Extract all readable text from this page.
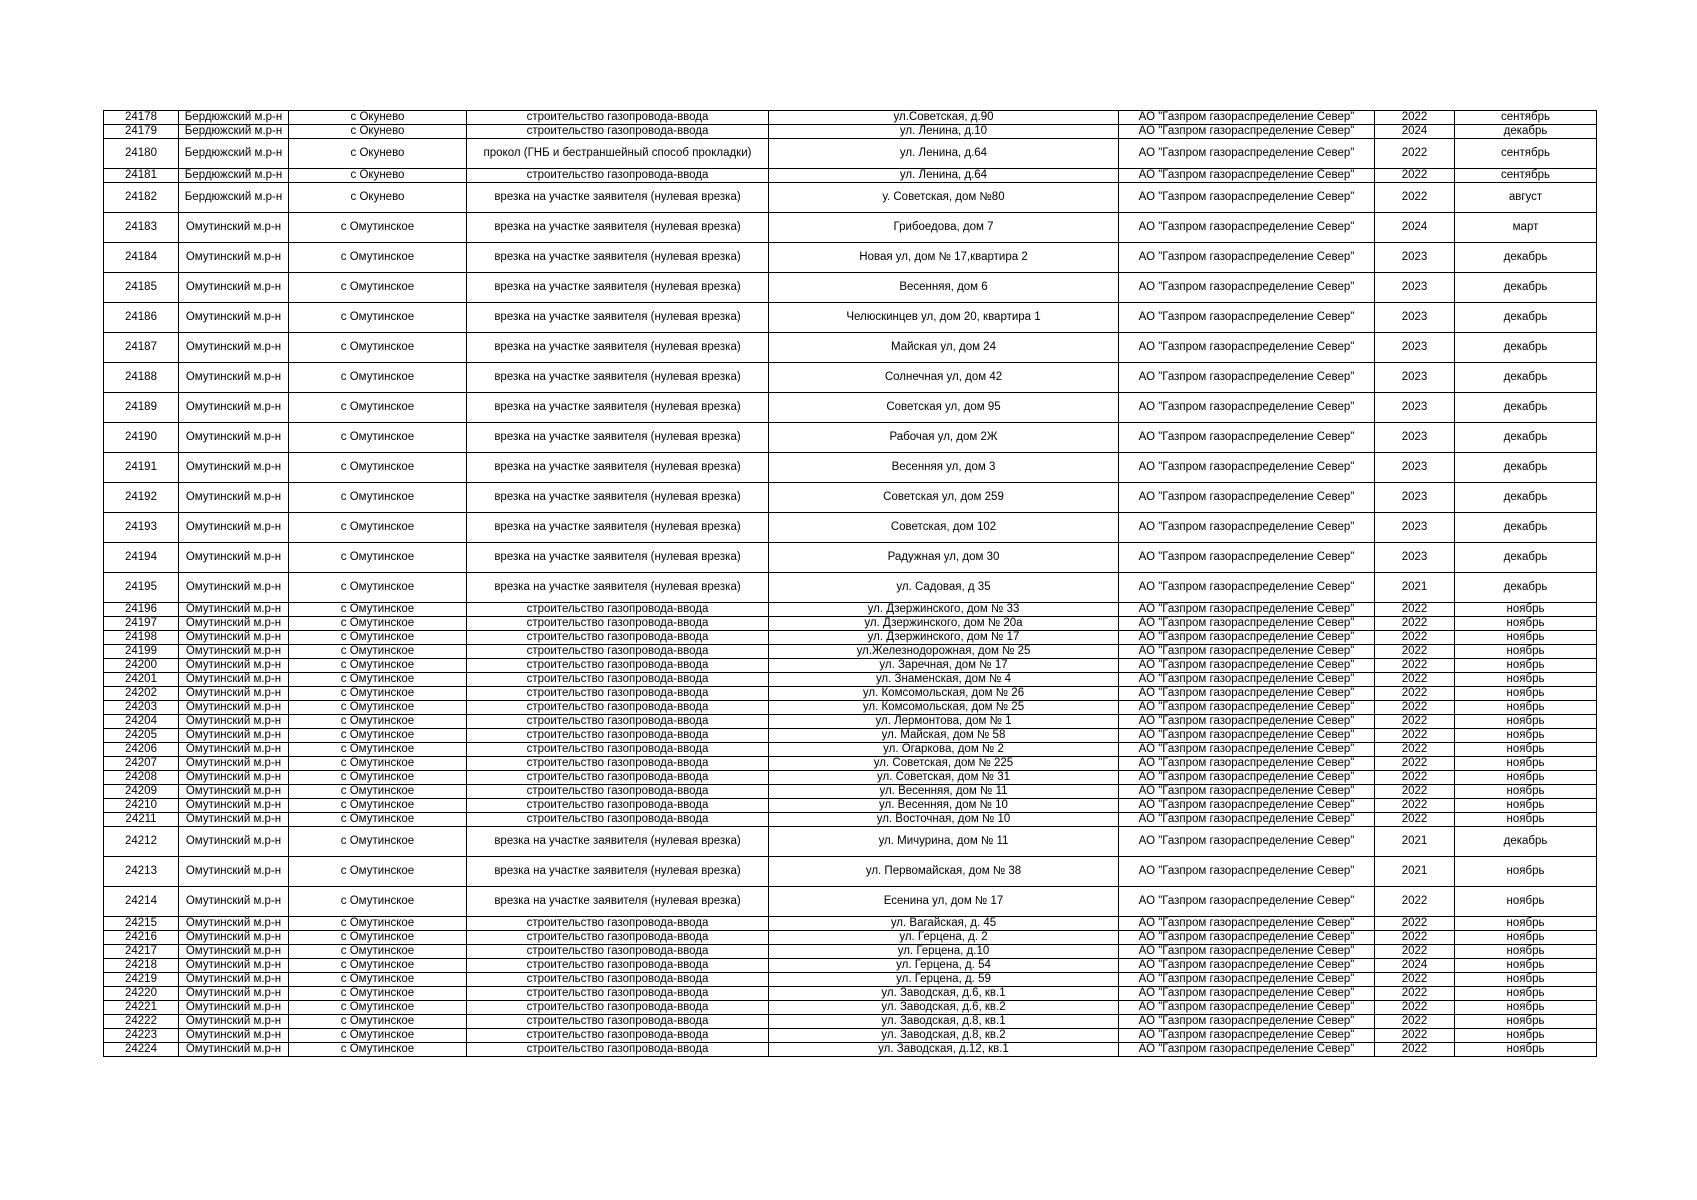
24178	Бердюжский м.р-н	с Окунево	строительство газопровода-ввода	ул.Советская, д.90	АО "Газпром газораспределение Север"	2022	сентябрь
24179	Бердюжский м.р-н	с Окунево	строительство газопровода-ввода	ул. Ленина, д.10	АО "Газпром газораспределение Север"	2024	декабрь
24180	Бердюжский м.р-н	с Окунево	прокол (ГНБ и бестраншейный способ прокладки)	ул. Ленина, д.64	АО "Газпром газораспределение Север"	2022	сентябрь
24181	Бердюжский м.р-н	с Окунево	строительство газопровода-ввода	ул. Ленина, д.64	АО "Газпром газораспределение Север"	2022	сентябрь
24182	Бердюжский м.р-н	с Окунево	врезка на участке заявителя (нулевая врезка)	у. Советская, дом №80	АО "Газпром газораспределение Север"	2022	август
24183	Омутинский м.р-н	с Омутинское	врезка на участке заявителя (нулевая врезка)	Грибоедова, дом 7	АО "Газпром газораспределение Север"	2024	март
24184	Омутинский м.р-н	с Омутинское	врезка на участке заявителя (нулевая врезка)	Новая ул, дом № 17,квартира 2	АО "Газпром газораспределение Север"	2023	декабрь
24185	Омутинский м.р-н	с Омутинское	врезка на участке заявителя (нулевая врезка)	Весенняя, дом 6	АО "Газпром газораспределение Север"	2023	декабрь
24186	Омутинский м.р-н	с Омутинское	врезка на участке заявителя (нулевая врезка)	Челюскинцев ул, дом 20, квартира 1	АО "Газпром газораспределение Север"	2023	декабрь
24187	Омутинский м.р-н	с Омутинское	врезка на участке заявителя (нулевая врезка)	Майская ул, дом 24	АО "Газпром газораспределение Север"	2023	декабрь
24188	Омутинский м.р-н	с Омутинское	врезка на участке заявителя (нулевая врезка)	Солнечная ул, дом 42	АО "Газпром газораспределение Север"	2023	декабрь
24189	Омутинский м.р-н	с Омутинское	врезка на участке заявителя (нулевая врезка)	Советская ул, дом 95	АО "Газпром газораспределение Север"	2023	декабрь
24190	Омутинский м.р-н	с Омутинское	врезка на участке заявителя (нулевая врезка)	Рабочая ул, дом 2Ж	АО "Газпром газораспределение Север"	2023	декабрь
24191	Омутинский м.р-н	с Омутинское	врезка на участке заявителя (нулевая врезка)	Весенняя ул, дом 3	АО "Газпром газораспределение Север"	2023	декабрь
24192	Омутинский м.р-н	с Омутинское	врезка на участке заявителя (нулевая врезка)	Советская ул, дом 259	АО "Газпром газораспределение Север"	2023	декабрь
24193	Омутинский м.р-н	с Омутинское	врезка на участке заявителя (нулевая врезка)	Советская, дом 102	АО "Газпром газораспределение Север"	2023	декабрь
24194	Омутинский м.р-н	с Омутинское	врезка на участке заявителя (нулевая врезка)	Радужная ул, дом 30	АО "Газпром газораспределение Север"	2023	декабрь
24195	Омутинский м.р-н	с Омутинское	врезка на участке заявителя (нулевая врезка)	ул. Садовая, д 35	АО "Газпром газораспределение Север"	2021	декабрь
24196	Омутинский м.р-н	с Омутинское	строительство газопровода-ввода	ул. Дзержинского, дом № 33	АО "Газпром газораспределение Север"	2022	ноябрь
24197	Омутинский м.р-н	с Омутинское	строительство газопровода-ввода	ул. Дзержинского, дом № 20а	АО "Газпром газораспределение Север"	2022	ноябрь
24198	Омутинский м.р-н	с Омутинское	строительство газопровода-ввода	ул. Дзержинского, дом № 17	АО "Газпром газораспределение Север"	2022	ноябрь
24199	Омутинский м.р-н	с Омутинское	строительство газопровода-ввода	ул.Железнодорожная, дом № 25	АО "Газпром газораспределение Север"	2022	ноябрь
24200	Омутинский м.р-н	с Омутинское	строительство газопровода-ввода	ул. Заречная, дом № 17	АО "Газпром газораспределение Север"	2022	ноябрь
24201	Омутинский м.р-н	с Омутинское	строительство газопровода-ввода	ул. Знаменская, дом № 4	АО "Газпром газораспределение Север"	2022	ноябрь
24202	Омутинский м.р-н	с Омутинское	строительство газопровода-ввода	ул. Комсомольская, дом № 26	АО "Газпром газораспределение Север"	2022	ноябрь
24203	Омутинский м.р-н	с Омутинское	строительство газопровода-ввода	ул. Комсомольская, дом № 25	АО "Газпром газораспределение Север"	2022	ноябрь
24204	Омутинский м.р-н	с Омутинское	строительство газопровода-ввода	ул. Лермонтова, дом № 1	АО "Газпром газораспределение Север"	2022	ноябрь
24205	Омутинский м.р-н	с Омутинское	строительство газопровода-ввода	ул. Майская, дом № 58	АО "Газпром газораспределение Север"	2022	ноябрь
24206	Омутинский м.р-н	с Омутинское	строительство газопровода-ввода	ул. Огаркова, дом № 2	АО "Газпром газораспределение Север"	2022	ноябрь
24207	Омутинский м.р-н	с Омутинское	строительство газопровода-ввода	ул. Советская, дом № 225	АО "Газпром газораспределение Север"	2022	ноябрь
24208	Омутинский м.р-н	с Омутинское	строительство газопровода-ввода	ул. Советская, дом № 31	АО "Газпром газораспределение Север"	2022	ноябрь
24209	Омутинский м.р-н	с Омутинское	строительство газопровода-ввода	ул. Весенняя, дом № 11	АО "Газпром газораспределение Север"	2022	ноябрь
24210	Омутинский м.р-н	с Омутинское	строительство газопровода-ввода	ул. Весенняя, дом № 10	АО "Газпром газораспределение Север"	2022	ноябрь
24211	Омутинский м.р-н	с Омутинское	строительство газопровода-ввода	ул. Восточная, дом № 10	АО "Газпром газораспределение Север"	2022	ноябрь
24212	Омутинский м.р-н	с Омутинское	врезка на участке заявителя (нулевая врезка)	ул. Мичурина, дом № 11	АО "Газпром газораспределение Север"	2021	декабрь
24213	Омутинский м.р-н	с Омутинское	врезка на участке заявителя (нулевая врезка)	ул. Первомайская, дом № 38	АО "Газпром газораспределение Север"	2021	ноябрь
24214	Омутинский м.р-н	с Омутинское	врезка на участке заявителя (нулевая врезка)	Есенина ул, дом № 17	АО "Газпром газораспределение Север"	2022	ноябрь
24215	Омутинский м.р-н	с Омутинское	строительство газопровода-ввода	ул. Вагайская, д. 45	АО "Газпром газораспределение Север"	2022	ноябрь
24216	Омутинский м.р-н	с Омутинское	строительство газопровода-ввода	ул. Герцена, д. 2	АО "Газпром газораспределение Север"	2022	ноябрь
24217	Омутинский м.р-н	с Омутинское	строительство газопровода-ввода	ул. Герцена, д.10	АО "Газпром газораспределение Север"	2022	ноябрь
24218	Омутинский м.р-н	с Омутинское	строительство газопровода-ввода	ул. Герцена, д. 54	АО "Газпром газораспределение Север"	2024	ноябрь
24219	Омутинский м.р-н	с Омутинское	строительство газопровода-ввода	ул. Герцена, д. 59	АО "Газпром газораспределение Север"	2022	ноябрь
24220	Омутинский м.р-н	с Омутинское	строительство газопровода-ввода	ул. Заводская, д.6, кв.1	АО "Газпром газораспределение Север"	2022	ноябрь
24221	Омутинский м.р-н	с Омутинское	строительство газопровода-ввода	ул. Заводская, д.6, кв.2	АО "Газпром газораспределение Север"	2022	ноябрь
24222	Омутинский м.р-н	с Омутинское	строительство газопровода-ввода	ул. Заводская, д.8, кв.1	АО "Газпром газораспределение Север"	2022	ноябрь
24223	Омутинский м.р-н	с Омутинское	строительство газопровода-ввода	ул. Заводская, д.8, кв.2	АО "Газпром газораспределение Север"	2022	ноябрь
24224	Омутинский м.р-н	с Омутинское	строительство газопровода-ввода	ул. Заводская, д.12, кв.1	АО "Газпром газораспределение Север"	2022	ноябрь
